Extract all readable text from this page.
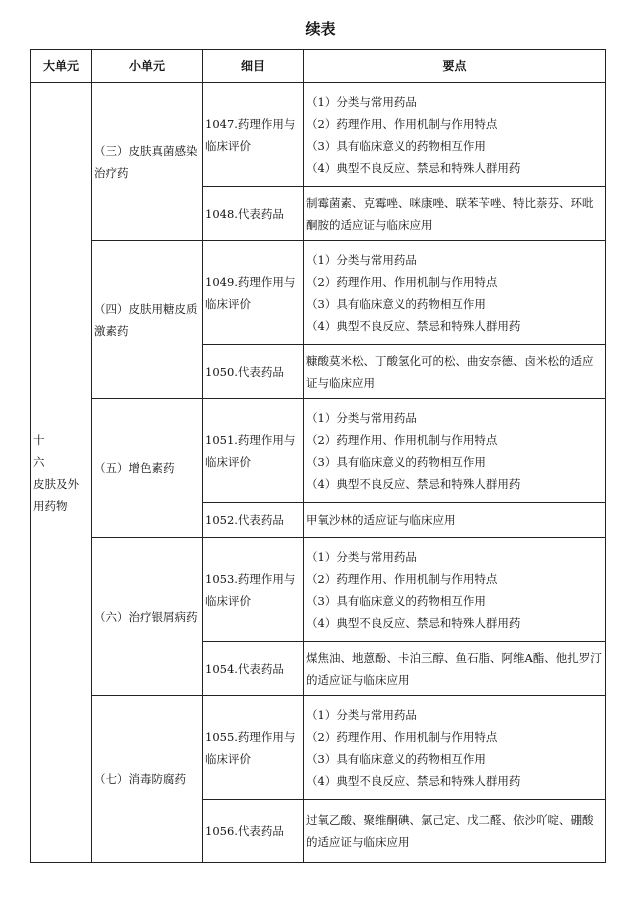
续表
大单元	小单元	细目	要点

十
六
皮肤及外
用药物	（三）皮肤真菌感染治疗药	1047.药理作用与临床评价	（1）分类与常用药品
（2）药理作用、作用机制与作用特点
（3）具有临床意义的药物相互作用
（4）典型不良反应、禁忌和特殊人群用药

		1048.代表药品	制霉菌素、克霉唑、咪康唑、联苯苄唑、特比萘芬、环吡酮胺的适应证与临床应用
	（四）皮肤用糖皮质激素药	1049.药理作用与临床评价	（1）分类与常用药品
（2）药理作用、作用机制与作用特点
（3）具有临床意义的药物相互作用
（4）典型不良反应、禁忌和特殊人群用药

		1050.代表药品	糠酸莫米松、丁酸氢化可的松、曲安奈德、卤米松的适应证与临床应用
	（五）增色素药	1051.药理作用与临床评价	（1）分类与常用药品
（2）药理作用、作用机制与作用特点
（3）具有临床意义的药物相互作用
（4）典型不良反应、禁忌和特殊人群用药

		1052.代表药品	甲氧沙林的适应证与临床应用
	（六）治疗银屑病药	1053.药理作用与临床评价	（1）分类与常用药品
（2）药理作用、作用机制与作用特点
（3）具有临床意义的药物相互作用
（4）典型不良反应、禁忌和特殊人群用药

		1054.代表药品	煤焦油、地蒽酚、卡泊三醇、鱼石脂、阿维A酯、他扎罗汀的适应证与临床应用
	（七）消毒防腐药	1055.药理作用与临床评价	（1）分类与常用药品
（2）药理作用、作用机制与作用特点
（3）具有临床意义的药物相互作用
（4）典型不良反应、禁忌和特殊人群用药

		1056.代表药品	过氧乙酸、聚维酮碘、氯己定、戊二醛、依沙吖啶、硼酸的适应证与临床应用
